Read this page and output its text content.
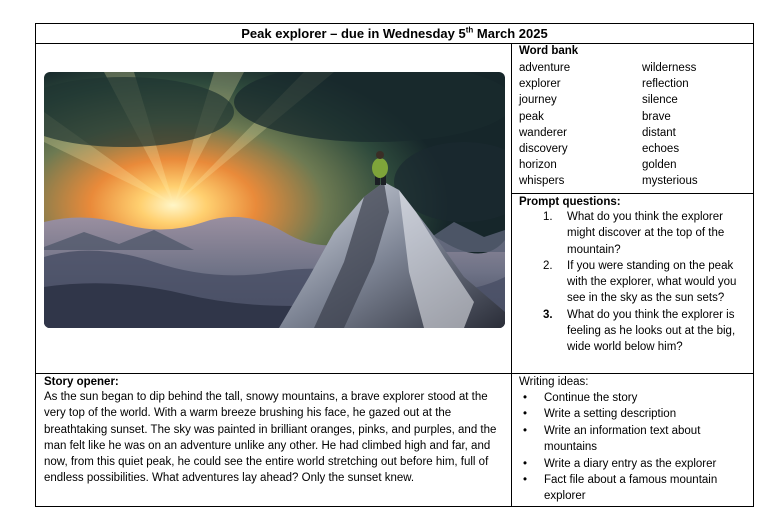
Peak explorer – due in Wednesday 5th March 2025
Word bank
adventure	wilderness
explorer	reflection
journey	silence
peak	brave
wanderer	distant
discovery	echoes
horizon	golden
whispers	mysterious
Prompt questions:
1. What do you think the explorer might discover at the top of the mountain?
2. If you were standing on the peak with the explorer, what would you see in the sky as the sun sets?
3. What do you think the explorer is feeling as he looks out at the big, wide world below him?
Story opener:

As the sun began to dip behind the tall, snowy mountains, a brave explorer stood at the very top of the world. With a warm breeze brushing his face, he gazed out at the breathtaking sunset. The sky was painted in brilliant oranges, pinks, and purples, and the man felt like he was on an adventure unlike any other. He had climbed high and far, and now, from this quiet peak, he could see the entire world stretching out before him, full of endless possibilities. What adventures lay ahead? Only the sunset knew.

Writing ideas:
• Continue the story
• Write a setting description
• Write an information text about mountains
• Write a diary entry as the explorer
• Fact file about a famous mountain explorer
